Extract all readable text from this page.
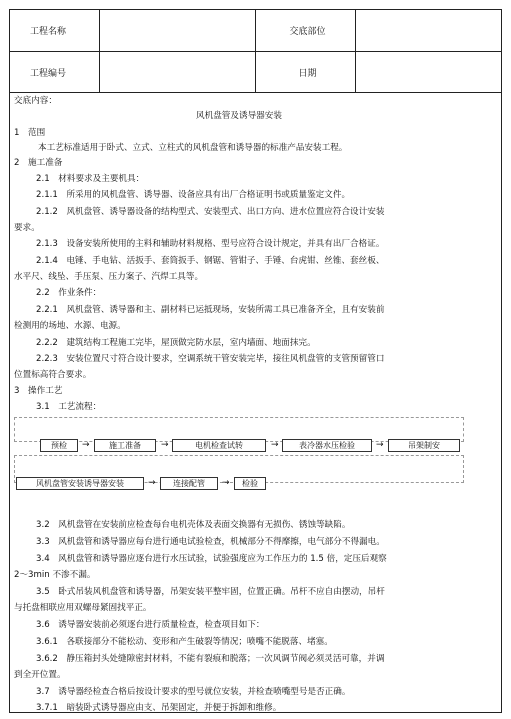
工程名称	交底部位
工程编号	日期
交底内容：
风机盘管及诱导器安装
1　范围
本工艺标准适用于卧式、立式、立柱式的风机盘管和诱导器的标准产品安装工程。
2　施工准备
2.1　材料要求及主要机具：
2.1.1　所采用的风机盘管、诱导器、设备应具有出厂合格证明书或质量鉴定文件。
2.1.2　风机盘管、诱导器设备的结构型式、安装型式、出口方向、进水位置应符合设计安装
要求。
2.1.3　设备安装所使用的主料和辅助材料规格、型号应符合设计规定，并具有出厂合格证。
2.1.4　电锤、手电钻、活扳手、套筒扳手、钢锯、管钳子、手锤、台虎钳、丝锥、套丝板、
水平尺、线坠、手压泵、压力案子、汽焊工具等。
2.2　作业条件：
2.2.1　风机盘管、诱导器和主、副材料已运抵现场，安装所需工具已准备齐全，且有安装前
检测用的场地、水源、电源。
2.2.2　建筑结构工程施工完毕，屋顶做完防水层，室内墙面、地面抹完。
2.2.3　安装位置尺寸符合设计要求，空调系统干管安装完毕，接往风机盘管的支管预留管口
位置标高符合要求。
3　操作工艺
3.1　工艺流程：
预检	→	施工准备	→	电机检查试转	→	表冷器水压检验	→	吊架制安
风机盘管安装诱导器安装	→	连接配管	→	检验
3.2　风机盘管在安装前应检查每台电机壳体及表面交换器有无损伤、锈蚀等缺陷。
3.3　风机盘管和诱导器应每台进行通电试验检查，机械部分不得摩擦，电气部分不得漏电。
3.4　风机盘管和诱导器应逐台进行水压试验，试验强度应为工作压力的 1.5 倍，定压后观察
2～3min 不渗不漏。
3.5　卧式吊装风机盘管和诱导器，吊架安装平整牢固，位置正确。吊杆不应自由摆动，吊杆
与托盘相联应用双螺母紧固找平正。
3.6　诱导器安装前必须逐台进行质量检查，检查项目如下：
3.6.1　各联接部分不能松动、变形和产生破裂等情况；喷嘴不能脱落、堵塞。
3.6.2　静压箱封头处缝隙密封材料，不能有裂痕和脱落；一次风调节阀必须灵活可靠，并调
到全开位置。
3.7　诱导器经检查合格后按设计要求的型号就位安装，并检查喷嘴型号是否正确。
3.7.1　暗装卧式诱导器应由支、吊架固定，并便于拆卸和维修。
